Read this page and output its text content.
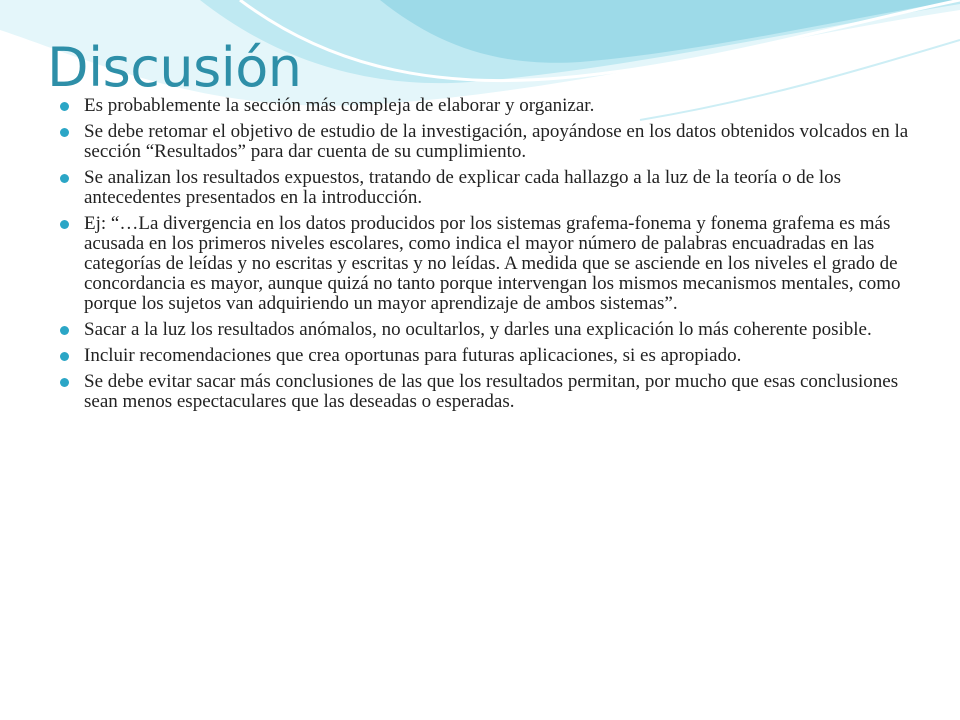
Discusión
Es probablemente la sección más compleja de elaborar y organizar.
Se debe retomar el objetivo de estudio de la investigación, apoyándose en los datos obtenidos volcados en la sección “Resultados” para dar cuenta de su cumplimiento.
Se analizan los resultados expuestos, tratando de explicar cada hallazgo a la luz de la teoría o de los antecedentes presentados en la introducción.
Ej: “…La divergencia en los datos producidos por los sistemas grafema-fonema y fonema grafema es más acusada en los primeros niveles escolares, como indica el mayor número de palabras encuadradas en las categorías de leídas y no escritas y escritas y no leídas. A medida que se asciende en los niveles el grado de concordancia es mayor, aunque quizá no tanto porque intervengan los mismos mecanismos mentales, como porque los sujetos van adquiriendo un mayor aprendizaje de ambos sistemas”.
Sacar a la luz los resultados anómalos, no ocultarlos, y darles una explicación lo más coherente posible.
Incluir recomendaciones que crea oportunas para futuras aplicaciones, si es apropiado.
Se debe evitar sacar más conclusiones de las que los resultados permitan, por mucho que esas conclusiones sean menos espectaculares que las deseadas o esperadas.
